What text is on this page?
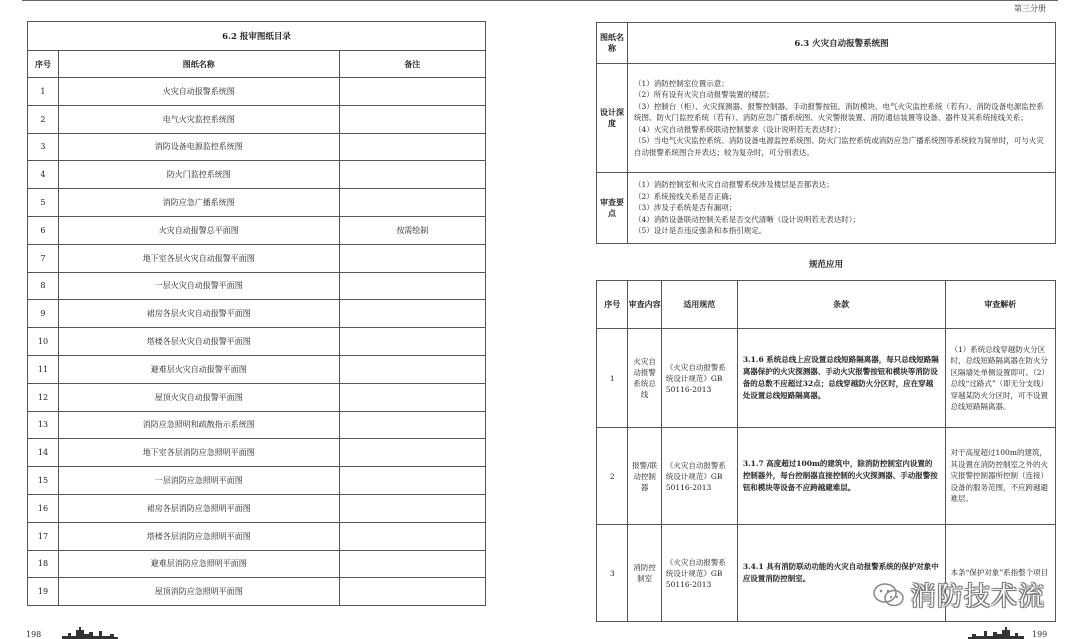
第三分册
6.2 报审图纸目录		
序号	图纸名称	备注
1	火灾自动报警系统图	
2	电气火灾监控系统图	
3	消防设备电源监控系统图	
4	防火门监控系统图	
5	消防应急广播系统图	
6	火灾自动报警总平面图	按需绘制
7	地下室各层火灾自动报警平面图	
8	一层火灾自动报警平面图	
9	裙房各层火灾自动报警平面图	
10	塔楼各层火灾自动报警平面图	
11	避难层火灾自动报警平面图	
12	屋顶火灾自动报警平面图	
13	消防应急照明和疏散指示系统图	
14	地下室各层消防应急照明平面图	
15	一层消防应急照明平面图	
16	裙房各层消防应急照明平面图	
17	塔楼各层消防应急照明平面图	
18	避难层消防应急照明平面图	
19	屋顶消防应急照明平面图	
图纸名称	6.3 火灾自动报警系统图
设计深度	（1）消防控制室位置示意；
（2）所有设有火灾自动报警装置的楼层；
（3）控制台（柜）、火灾探测器、报警控制器、手动报警按钮、消防模块、电气火灾监控系统（若有）、消防设备电源监控系统图、防火门监控系统（若有）、消防应急广播系统图、火灾警报装置、消防通信装置等设备、器件及其系统接线关系；
（4）火灾自动报警系统联动控制要求（设计说明若无表达时）；
（5）当电气火灾监控系统、消防设备电源监控系统图、防火门监控系统或消防应急广播系统图等系统较为简单时，可与火灾自动报警系统图合并表达；较为复杂时，可分别表达。

审查要点	（1）消防控制室和火灾自动报警系统涉及楼层是否都表达；
（2）系统接线关系是否正确；
（3）涉及子系统是否有漏项；
（4）消防设备联动控制关系是否交代清晰（设计说明若无表达时）；
（5）设计是否违反强条和本指引规定。
规范应用
序号	审查内容	适用规范	条款	审查解析
1	火灾自动报警系统总线	《火灾自动报警系统设计规范》GB 50116-2013	3.1.6 系统总线上应设置总线短路隔离器，每只总线短路隔离器保护的火灾探测器、手动火灾报警按钮和模块等消防设备的总数不应超过32点；总线穿越防火分区时，应在穿越处设置总线短路隔离器。	（1）系统总线穿越防火分区时，总线短路隔离器在防火分区隔墙处单侧设置即可。（2）总线“过路式”（即无分支线）穿越某防火分区时，可不设置总线短路隔离器。
2	报警/联动控制器	《火灾自动报警系统设计规范》GB 50116-2013	3.1.7 高度超过100m的建筑中，除消防控制室内设置的控制器外，每台控制器直接控制的火灾探测器、手动报警按钮和模块等设备不应跨越避难层。	对于高度超过100m的建筑，其设置在消防控制室之外的火灾报警控制器所控制（连接）设备的服务范围，不应跨越避难层。
3	消防控制室	《火灾自动报警系统设计规范》GB 50116-2013	3.4.1 具有消防联动功能的火灾自动报警系统的保护对象中应设置消防控制室。	本条“保护对象”系指整个项目
198	199
消防技术流
